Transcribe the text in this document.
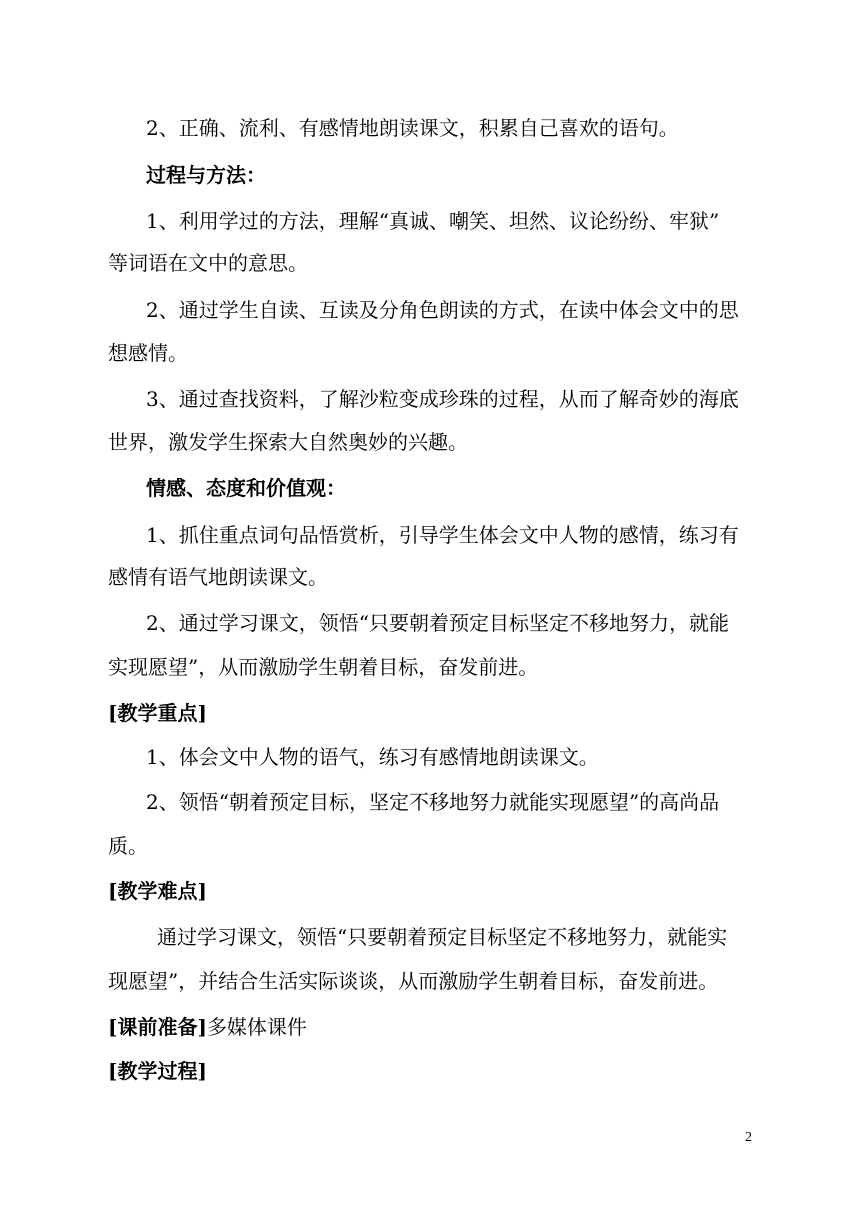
2、正确、流利、有感情地朗读课文，积累自己喜欢的语句。

过程与方法：

1、利用学过的方法，理解“真诚、嘲笑、坦然、议论纷纷、牢狱”

等词语在文中的意思。

2、通过学生自读、互读及分角色朗读的方式，在读中体会文中的思

想感情。

3、通过查找资料，了解沙粒变成珍珠的过程，从而了解奇妙的海底

世界，激发学生探索大自然奥妙的兴趣。

情感、态度和价值观：

1、抓住重点词句品悟赏析，引导学生体会文中人物的感情，练习有

感情有语气地朗读课文。

2、通过学习课文，领悟“只要朝着预定目标坚定不移地努力，就能

实现愿望”，从而激励学生朝着目标，奋发前进。

[教学重点]

1、体会文中人物的语气，练习有感情地朗读课文。

2、领悟“朝着预定目标，坚定不移地努力就能实现愿望”的高尚品

质。

[教学难点]

通过学习课文，领悟“只要朝着预定目标坚定不移地努力，就能实

现愿望”，并结合生活实际谈谈，从而激励学生朝着目标，奋发前进。

[课前准备]多媒体课件

[教学过程]

2
